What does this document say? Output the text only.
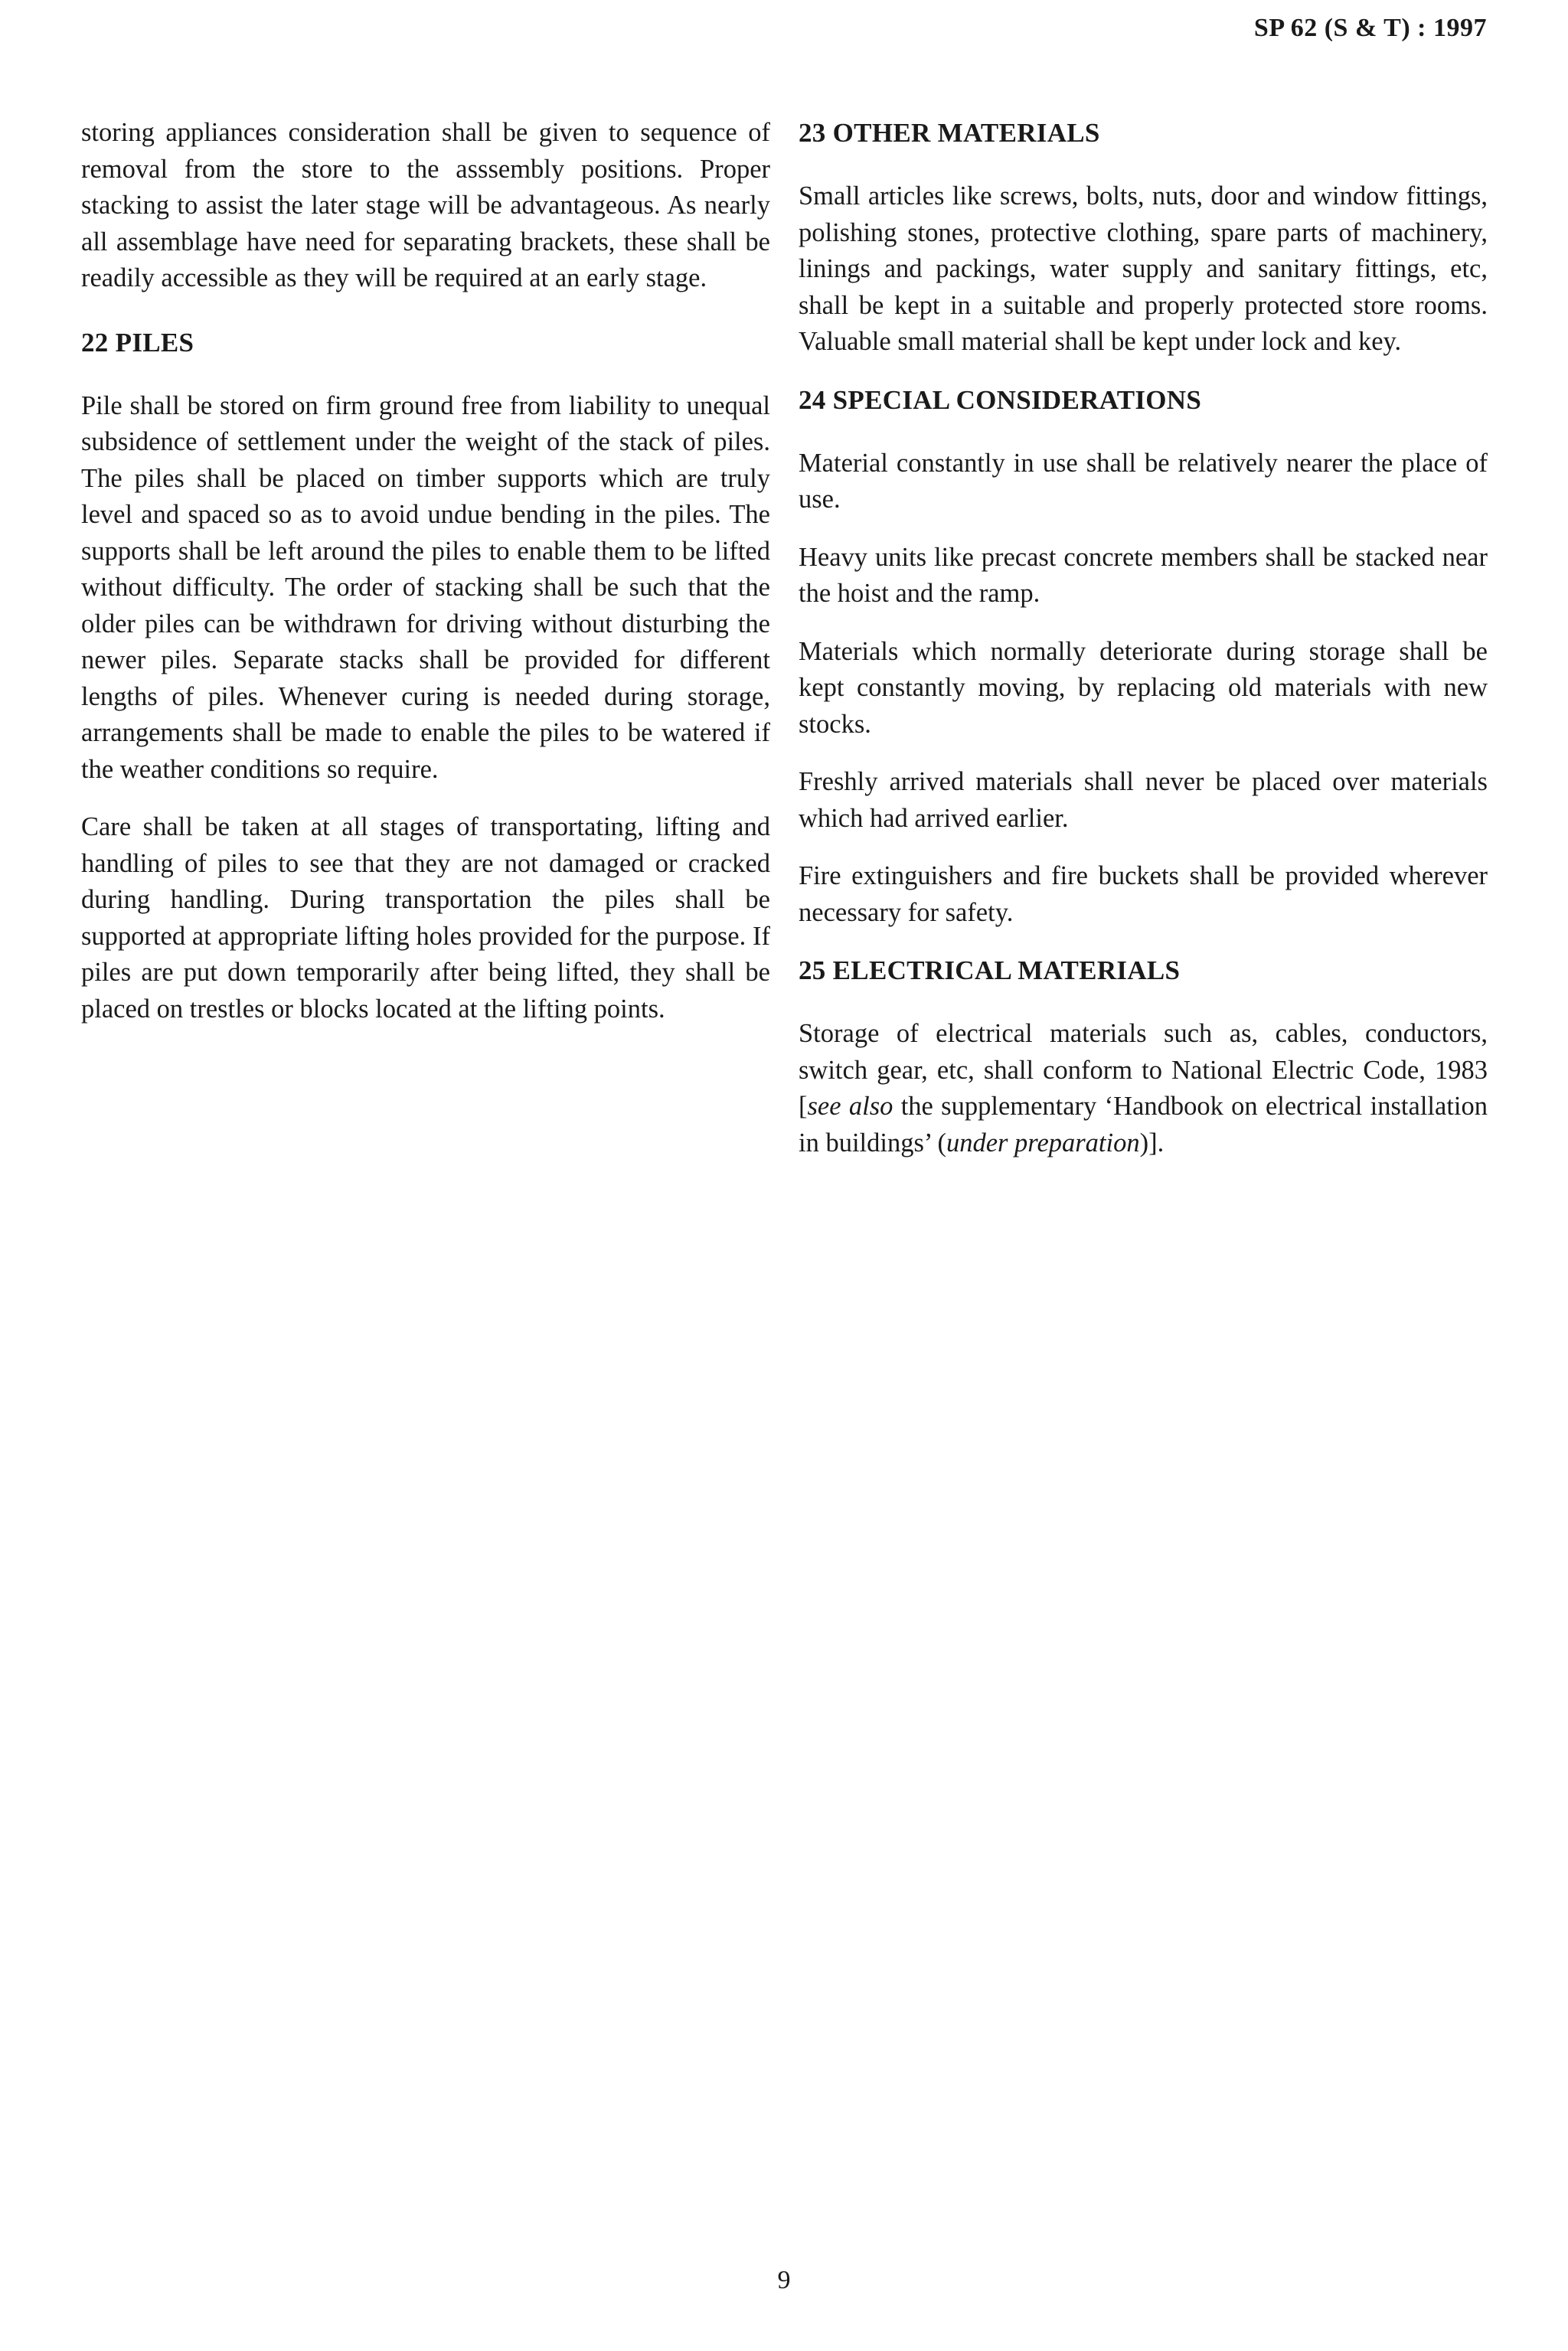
SP 62 (S & T) : 1997

storing appliances consideration shall be given to sequence of removal from the store to the asssembly positions. Proper stacking to assist the later stage will be advantageous. As nearly all assemblage have need for separating brackets, these shall be readily accessible as they will be required at an early stage.

22 PILES

Pile shall be stored on firm ground free from liability to unequal subsidence of settlement under the weight of the stack of piles. The piles shall be placed on timber supports which are truly level and spaced so as to avoid undue bending in the piles. The supports shall be left around the piles to enable them to be lifted without difficulty. The order of stacking shall be such that the older piles can be withdrawn for driving without disturbing the newer piles. Separate stacks shall be provided for different lengths of piles. Whenever curing is needed during storage, arrangements shall be made to enable the piles to be watered if the weather conditions so require.

Care shall be taken at all stages of transportating, lifting and handling of piles to see that they are not damaged or cracked during handling. During transportation the piles shall be supported at appropriate lifting holes provided for the purpose. If piles are put down temporarily after being lifted, they shall be placed on trestles or blocks located at the lifting points.

23 OTHER MATERIALS

Small articles like screws, bolts, nuts, door and window fittings, polishing stones, protective clothing, spare parts of machinery, linings and packings, water supply and sanitary fittings, etc, shall be kept in a suitable and properly protected store rooms. Valuable small material shall be kept under lock and key.

24 SPECIAL CONSIDERATIONS

Material constantly in use shall be relatively nearer the place of use.

Heavy units like precast concrete members shall be stacked near the hoist and the ramp.

Materials which normally deteriorate during storage shall be kept constantly moving, by replacing old materials with new stocks.

Freshly arrived materials shall never be placed over materials which had arrived earlier.

Fire extinguishers and fire buckets shall be provided wherever necessary for safety.

25 ELECTRICAL MATERIALS

Storage of electrical materials such as, cables, conductors, switch gear, etc, shall conform to National Electric Code, 1983 [see also the supplementary ‘Handbook on electrical installation in buildings’ (under preparation)].

9
